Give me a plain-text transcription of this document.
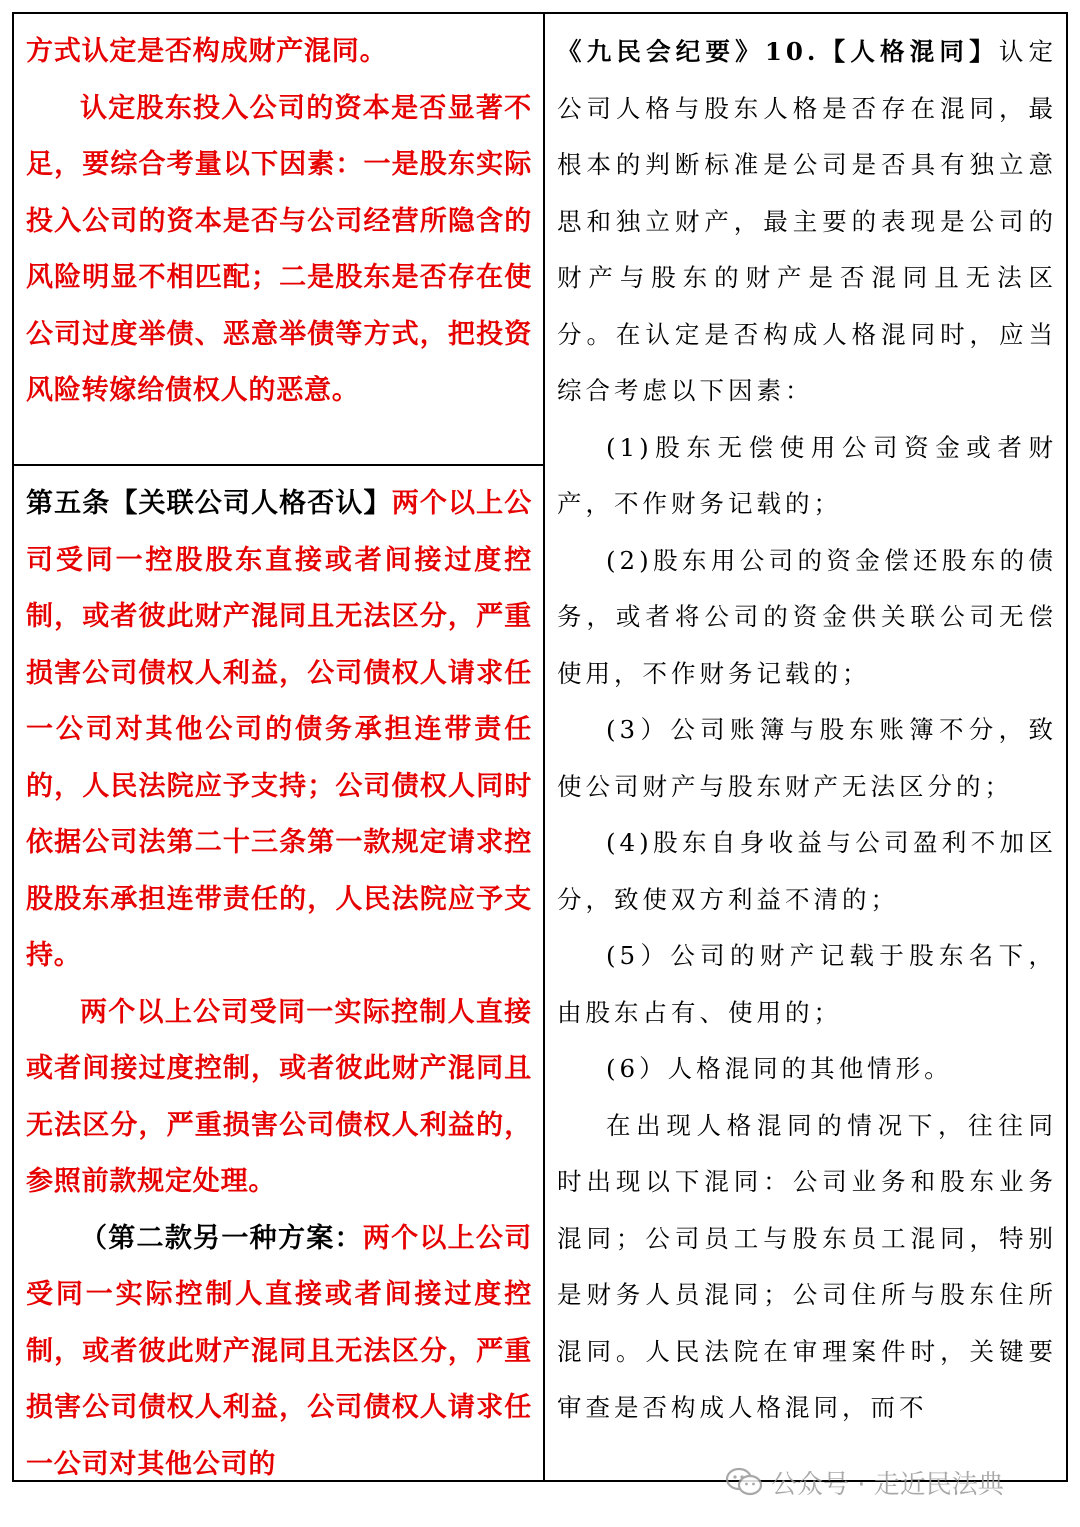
方式认定是否构成财产混同。

认定股东投入公司的资本是否显著不足，要综合考量以下因素：一是股东实际投入公司的资本是否与公司经营所隐含的风险明显不相匹配；二是股东是否存在使公司过度举债、恶意举债等方式，把投资风险转嫁给债权人的恶意。

第五条【关联公司人格否认】两个以上公司受同一控股股东直接或者间接过度控制，或者彼此财产混同且无法区分，严重损害公司债权人利益，公司债权人请求任一公司对其他公司的债务承担连带责任的，人民法院应予支持；公司债权人同时依据公司法第二十三条第一款规定请求控股股东承担连带责任的，人民法院应予支持。

两个以上公司受同一实际控制人直接或者间接过度控制，或者彼此财产混同且无法区分，严重损害公司债权人利益的，参照前款规定处理。

（第二款另一种方案：两个以上公司受同一实际控制人直接或者间接过度控制，或者彼此财产混同且无法区分，严重损害公司债权人利益，公司债权人请求任一公司对其他公司的

《九民会纪要》10.【人格混同】认定公司人格与股东人格是否存在混同，最根本的判断标准是公司是否具有独立意思和独立财产，最主要的表现是公司的财产与股东的财产是否混同且无法区分。在认定是否构成人格混同时，应当综合考虑以下因素：

(1)股东无偿使用公司资金或者财产，不作财务记载的；

(2)股东用公司的资金偿还股东的债务，或者将公司的资金供关联公司无偿使用，不作财务记载的；

(3）公司账簿与股东账簿不分，致使公司财产与股东财产无法区分的；

(4)股东自身收益与公司盈利不加区分，致使双方利益不清的；

(5）公司的财产记载于股东名下，由股东占有、使用的；

(6）人格混同的其他情形。

在出现人格混同的情况下，往往同时出现以下混同：公司业务和股东业务混同；公司员工与股东员工混同，特别是财务人员混同；公司住所与股东住所混同。人民法院在审理案件时，关键要审查是否构成人格混同，而不

公众号 · 走近民法典
